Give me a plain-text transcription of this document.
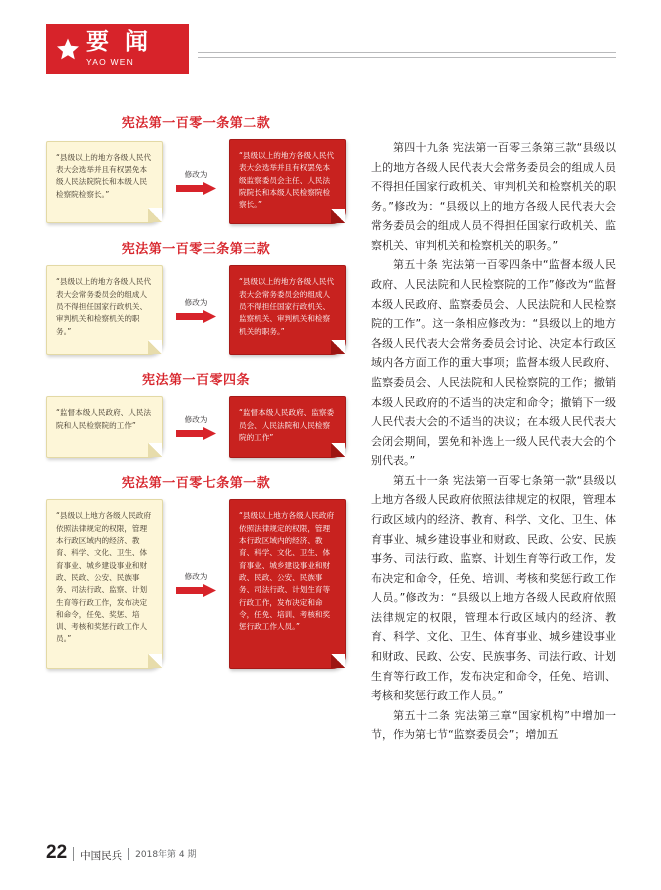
要 闻
YAO WEN
宪法第一百零一条第二款
“县级以上的地方各级人民代表大会选举并且有权罢免本级人民法院院长和本级人民检察院检察长。”
修改为
“县级以上的地方各级人民代表大会选举并且有权罢免本级监察委员会主任、人民法院院长和本级人民检察院检察长。”
宪法第一百零三条第三款
“县级以上的地方各级人民代表大会常务委员会的组成人员不得担任国家行政机关、审判机关和检察机关的职务。”
修改为
“县级以上的地方各级人民代表大会常务委员会的组成人员不得担任国家行政机关、监察机关、审判机关和检察机关的职务。”
宪法第一百零四条
“监督本级人民政府、人民法院和人民检察院的工作”
修改为
“监督本级人民政府、监察委员会、人民法院和人民检察院的工作”
宪法第一百零七条第一款
“县级以上地方各级人民政府依照法律规定的权限，管理本行政区域内的经济、教育、科学、文化、卫生、体育事业、城乡建设事业和财政、民政、公安、民族事务、司法行政、监察、计划生育等行政工作，发布决定和命令，任免、奖惩、培训、考核和奖惩行政工作人员。”
修改为
“县级以上地方各级人民政府依照法律规定的权限，管理本行政区域内的经济、教育、科学、文化、卫生、体育事业、城乡建设事业和财政、民政、公安、民族事务、司法行政、计划生育等行政工作，发布决定和命令，任免、培训、考核和奖惩行政工作人员。”

第四十九条 宪法第一百零三条第三款“县级以上的地方各级人民代表大会常务委员会的组成人员不得担任国家行政机关、审判机关和检察机关的职务。”修改为：“县级以上的地方各级人民代表大会常务委员会的组成人员不得担任国家行政机关、监察机关、审判机关和检察机关的职务。”

第五十条 宪法第一百零四条中“监督本级人民政府、人民法院和人民检察院的工作”修改为“监督本级人民政府、监察委员会、人民法院和人民检察院的工作”。这一条相应修改为：“县级以上的地方各级人民代表大会常务委员会讨论、决定本行政区域内各方面工作的重大事项；监督本级人民政府、监察委员会、人民法院和人民检察院的工作；撤销本级人民政府的不适当的决定和命令；撤销下一级人民代表大会的不适当的决议；在本级人民代表大会闭会期间，罢免和补选上一级人民代表大会的个别代表。”

第五十一条 宪法第一百零七条第一款“县级以上地方各级人民政府依照法律规定的权限，管理本行政区域内的经济、教育、科学、文化、卫生、体育事业、城乡建设事业和财政、民政、公安、民族事务、司法行政、监察、计划生育等行政工作，发布决定和命令，任免、培训、考核和奖惩行政工作人员。”修改为：“县级以上地方各级人民政府依照法律规定的权限，管理本行政区域内的经济、教育、科学、文化、卫生、体育事业、城乡建设事业和财政、民政、公安、民族事务、司法行政、计划生育等行政工作，发布决定和命令，任免、培训、考核和奖惩行政工作人员。”

第五十二条 宪法第三章“国家机构”中增加一节，作为第七节“监察委员会”；增加五

22 中国民兵 2018年第 4 期
